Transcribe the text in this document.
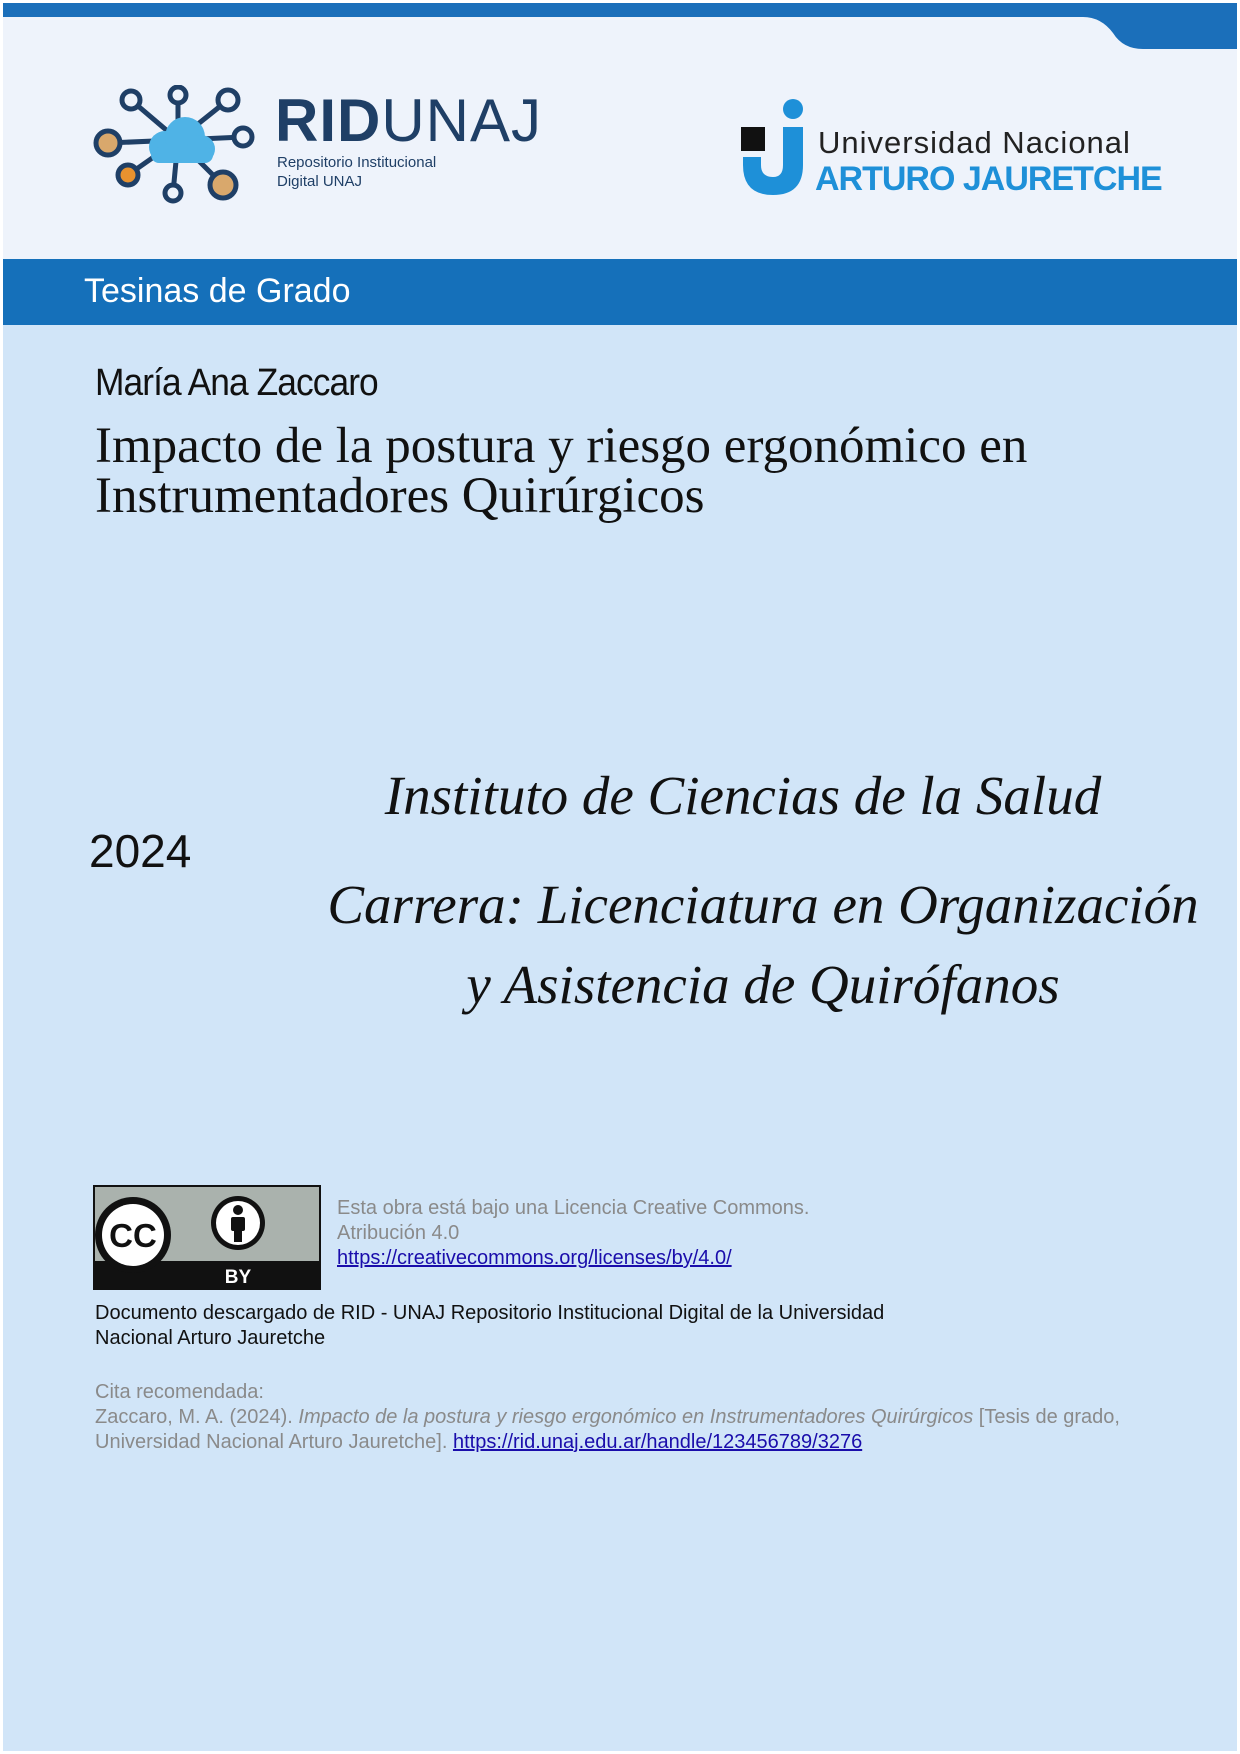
RIDUNAJ
Repositorio Institucional
Digital UNAJ
Universidad Nacional
ARTURO JAURETCHE
Tesinas de Grado
María Ana Zaccaro
Impacto de la postura y riesgo ergonómico en Instrumentadores Quirúrgicos
2024
Instituto de Ciencias de la Salud
Carrera: Licenciatura en Organización y Asistencia de Quirófanos
CC
BY
Esta obra está bajo una Licencia Creative Commons.
Atribución 4.0
https://creativecommons.org/licenses/by/4.0/
Documento descargado de RID - UNAJ Repositorio Institucional Digital de la Universidad Nacional Arturo Jauretche
Cita recomendada:
Zaccaro, M. A. (2024). Impacto de la postura y riesgo ergonómico en Instrumentadores Quirúrgicos [Tesis de grado, Universidad Nacional Arturo Jauretche]. https://rid.unaj.edu.ar/handle/123456789/3276
